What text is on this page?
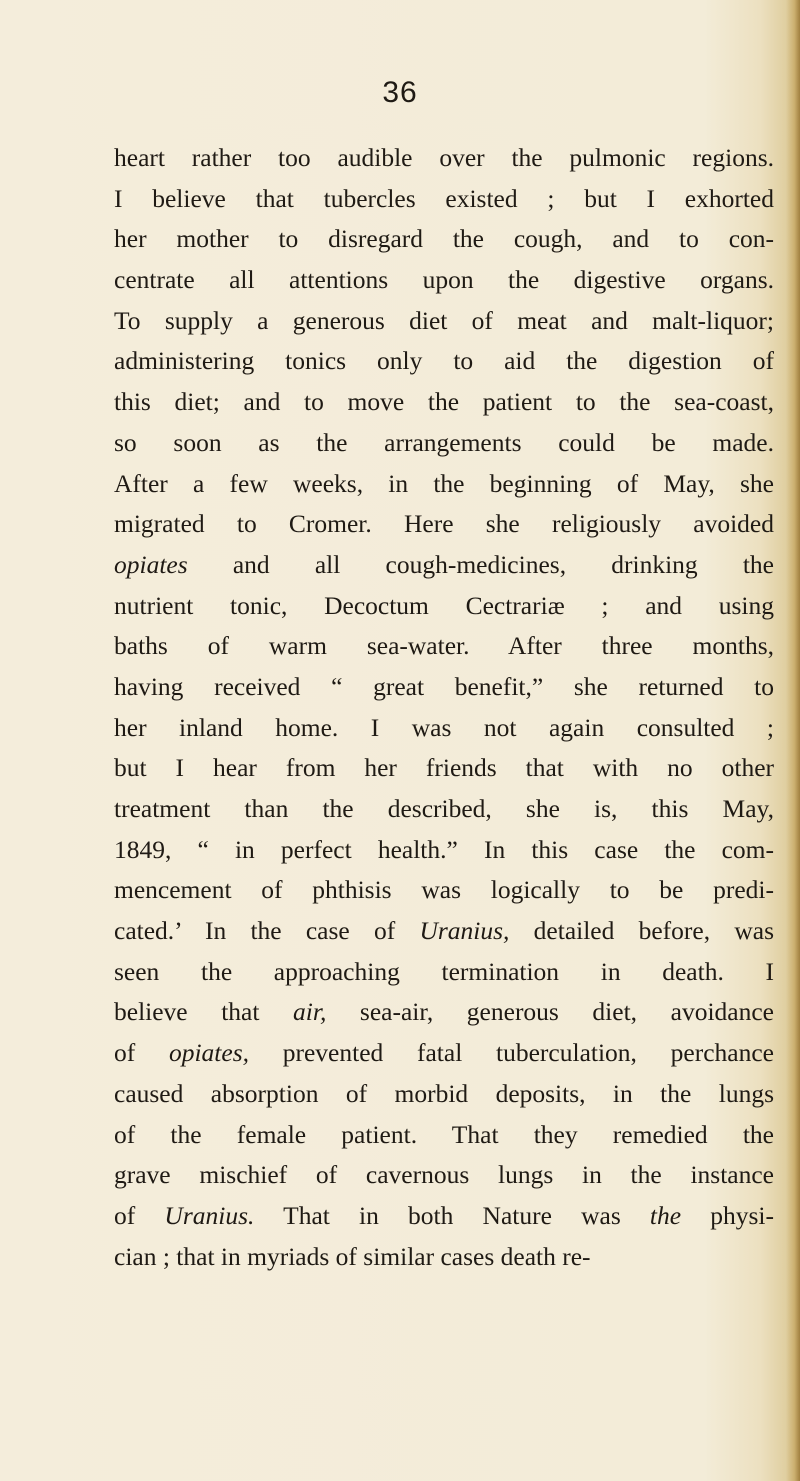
36
heart rather too audible over the pulmonic regions.
I believe that tubercles existed ; but I exhorted
her mother to disregard the cough, and to con-
centrate all attentions upon the digestive organs.
To supply a generous diet of meat and malt-liquor;
administering tonics only to aid the digestion of
this diet; and to move the patient to the sea-coast,
so soon as the arrangements could be made.
After a few weeks, in the beginning of May, she
migrated to Cromer. Here she religiously avoided
opiates and all cough-medicines, drinking the
nutrient tonic, Decoctum Cectrariæ ; and using
baths of warm sea-water. After three months,
having received “ great benefit,” she returned to
her inland home. I was not again consulted ;
but I hear from her friends that with no other
treatment than the described, she is, this May,
1849, “ in perfect health.” In this case the com-
mencement of phthisis was logically to be predi-
cated.’ In the case of Uranius, detailed before, was
seen the approaching termination in death. I
believe that air, sea-air, generous diet, avoidance
of opiates, prevented fatal tuberculation, perchance
caused absorption of morbid deposits, in the lungs
of the female patient. That they remedied the
grave mischief of cavernous lungs in the instance
of Uranius. That in both Nature was the physi-
cian ; that in myriads of similar cases death re-
